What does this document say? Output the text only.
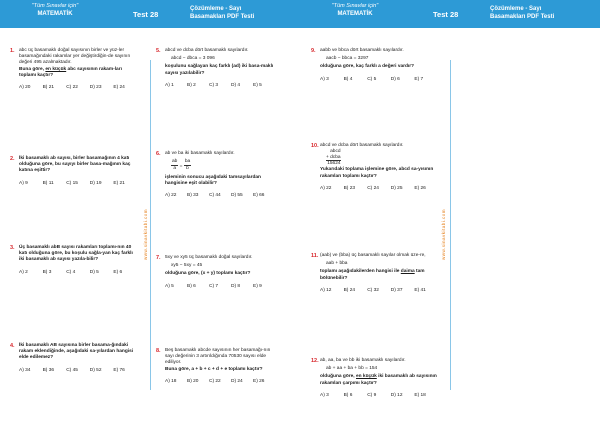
"Tüm Sınavlar için"
MATEMATİK	Test 28
Çözümleme - Sayı
Basamakları PDF Testi
www.sinavkitabi.com
1. abc üç basamaklı doğal sayısının birler ve yüz-ler basamağındaki rakamlar yer değiştirdiğin-de sayının değeri 495 azalmaktadır.
Buna göre, en küçük abc sayısının rakam-ları toplamı kaçtır?
A) 20	B) 21	C) 22	D) 23	E) 24
2. İki basamaklı ab sayısı, birler basamağının 4 katı olduğuna göre, bu sayıyı birler basa-mağının kaç katına eşittir?
A) 9	B) 11	C) 15	D) 19	E) 21
3. Üç basamaklı abB sayısı rakamları toplamı-nın 40 katı olduğuna göre, bu koşulu sağla-yan kaç farklı iki basamaklı ab sayısı yazıla-bilir?
A) 2	B) 3	C) 4	D) 5	E) 6
4. İki basamaklı AB sayısına birler basama-ğındaki rakam eklendiğinde, aşağıdaki sa-yılardan hangisi elde edilemez?
A) 34	B) 36	C) 45	D) 52	E) 76
5. abcd ve dcba dört basamaklı sayılardır.
abcd − dbca = 3 096
koşulunu sağlayan kaç farklı (ad) iki basa-maklı sayısı yazılabilir?
A) 1	B) 2	C) 3	D) 4	E) 5
6. ab ve ba iki basamaklı sayılardır.
$\frac{ab}{a} = \frac{ba}{b}$
işleminin sonucu aşağıdaki tamsayılardan hangisine eşit olabilir?
A) 22	B) 33	C) 44	D) 55	E) 66
7. 5xy ve xy5 üç basamaklı doğal sayılardır.
xy5 − 5xy = 45
olduğuna göre, (x + y) toplamı kaçtır?
A) 5	B) 6	C) 7	D) 8	E) 9
8. Beş basamaklı abcde sayısının her basamağı-nın sayı değerinin 3 artırıldığında 70530 sayısı elde ediliyor.
Buna göre, a + b + c + d + e toplamı kaçtır?
A) 18	B) 20	C) 22	D) 24	E) 26
"Tüm Sınavlar için"
MATEMATİK	Test 28
Çözümleme - Sayı
Basamakları PDF Testi
www.sinavkitabi.com
9. aabb ve bbca dört basamaklı sayılardır.
aacb − bbca = 3297
olduğuna göre, kaç farklı a değeri vardır?
A) 3	B) 4	C) 5	D) 6	E) 7
10. abcd ve dcba dört basamaklı sayılardır.
abcd
+ dcba
15624
Yukarıdaki toplama işlemine göre, abcd sa-yısının rakamları toplamı kaçtır?
A) 22	B) 23	C) 24	D) 25	E) 26
11. (aab) ve (bba) üç basamaklı sayılar olmak üze-re,
aab + bba
toplamı aşağıdakilerden hangisi ile daima tam bölünebilir?
A) 12	B) 24	C) 32	D) 37	E) 41
12. ab, aa, ba ve bb iki basamaklı sayılardır.
ab + aa + ba + bb = 154
olduğuna göre, en küçük iki basamaklı ab sayısının rakamları çarpımı kaçtır?
A) 3	B) 6	C) 9	D) 12	E) 18
